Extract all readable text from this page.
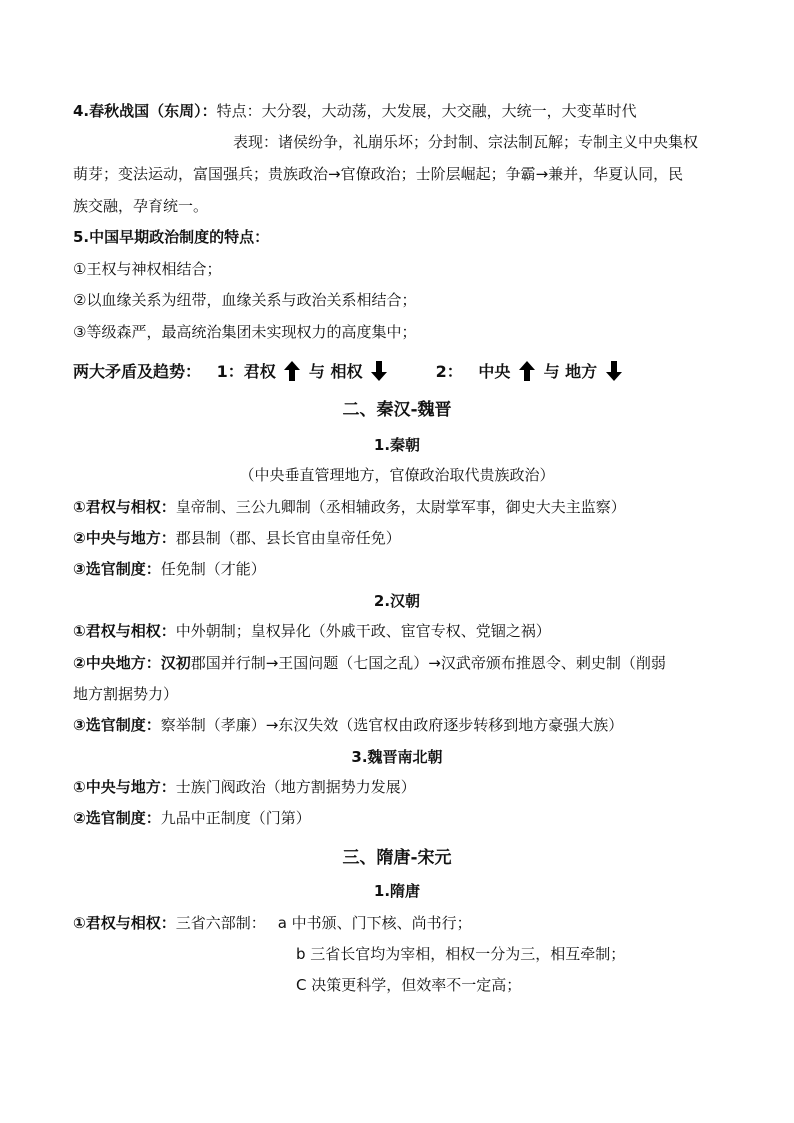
4.春秋战国（东周）：特点：大分裂，大动荡，大发展，大交融，大统一，大变革时代
表现：诸侯纷争，礼崩乐坏；分封制、宗法制瓦解；专制主义中央集权
萌芽；变法运动，富国强兵；贵族政治→官僚政治；士阶层崛起；争霸→兼并，华夏认同，民
族交融，孕育统一。
5.中国早期政治制度的特点：
①王权与神权相结合；
②以血缘关系为纽带，血缘关系与政治关系相结合；
③等级森严，最高统治集团未实现权力的高度集中；
两大矛盾及趋势： 1：君权 与 相权	2： 中央 与 地方
二、秦汉-魏晋
1.秦朝
（中央垂直管理地方，官僚政治取代贵族政治）
①君权与相权：皇帝制、三公九卿制（丞相辅政务，太尉掌军事，御史大夫主监察）
②中央与地方：郡县制（郡、县长官由皇帝任免）
③选官制度：任免制（才能）
2.汉朝
①君权与相权：中外朝制；皇权异化（外戚干政、宦官专权、党锢之祸）
②中央地方：汉初郡国并行制→王国问题（七国之乱）→汉武帝颁布推恩令、刺史制（削弱
地方割据势力）
③选官制度：察举制（孝廉）→东汉失效（选官权由政府逐步转移到地方豪强大族）
3.魏晋南北朝
①中央与地方：士族门阀政治（地方割据势力发展）
②选官制度：九品中正制度（门第）
三、隋唐-宋元
1.隋唐
①君权与相权：三省六部制： a 中书颁、门下核、尚书行；
b 三省长官均为宰相，相权一分为三，相互牵制；
C 决策更科学，但效率不一定高；
